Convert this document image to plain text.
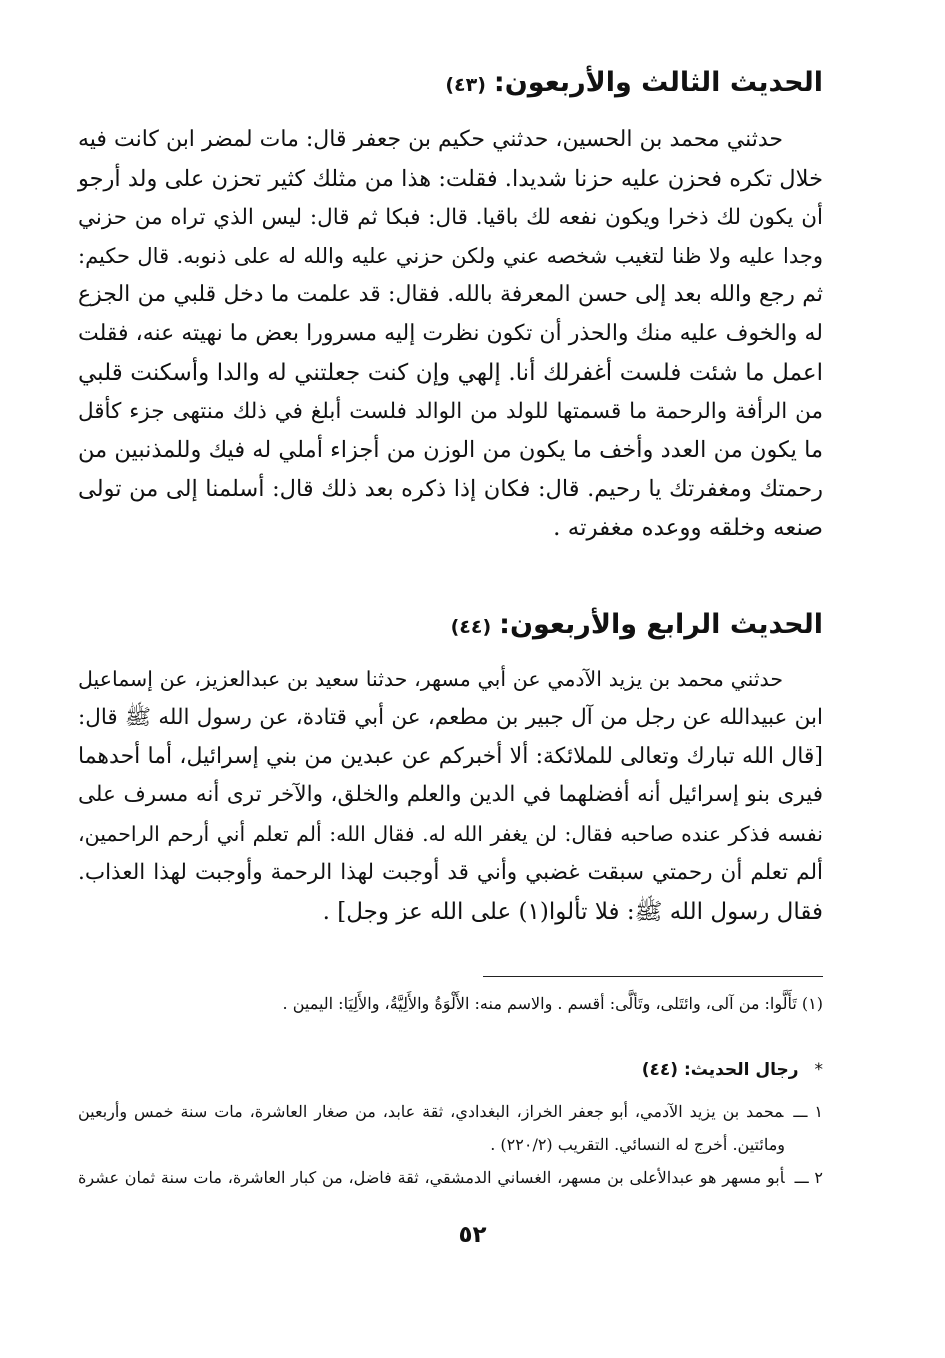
الحديث الثالث والأربعون:(٤٣)

حدثني محمد بن الحسين، حدثني حكيم بن جعفر قال: مات لمضر ابن كانت فيه

خلال تكره فحزن عليه حزنا شديدا. فقلت: هذا من مثلك كثير تحزن على ولد أرجو

أن يكون لك ذخرا ويكون نفعه لك باقيا. قال: فبكا ثم قال: ليس الذي تراه من حزني

وجدا عليه ولا ظنا لتغيب شخصه عني ولكن حزني عليه والله له على ذنوبه. قال حكيم:

ثم رجع والله بعد إلى حسن المعرفة بالله. فقال: قد علمت ما دخل قلبي من الجزع

له والخوف عليه منك والحذر أن تكون نظرت إليه مسرورا بعض ما نهيته عنه، فقلت

اعمل ما شئت فلست أغفرلك أنا. إلهي وإن كنت جعلتني له والدا وأسكنت قلبي

من الرأفة والرحمة ما قسمتها للولد من الوالد فلست أبلغ في ذلك منتهى جزء كأقل

ما يكون من العدد وأخف ما يكون من الوزن من أجزاء أملي له فيك وللمذنبين من

رحمتك ومغفرتك يا رحيم. قال: فكان إذا ذكره بعد ذلك قال: أسلمنا إلى من تولى

صنعه وخلقه ووعده مغفرته .

الحديث الرابع والأربعون:(٤٤)

حدثني محمد بن يزيد الآدمي عن أبي مسهر، حدثنا سعيد بن عبدالعزيز، عن إسماعيل

ابن عبيدالله عن رجل من آل جبير بن مطعم، عن أبي قتادة، عن رسول الله ﷺ قال:

[قال الله تبارك وتعالى للملائكة: ألا أخبركم عن عبدين من بني إسرائيل، أما أحدهما

فيرى بنو إسرائيل أنه أفضلهما في الدين والعلم والخلق، والآخر ترى أنه مسرف على

نفسه فذكر عنده صاحبه فقال: لن يغفر الله له. فقال الله: ألم تعلم أني أرحم الراحمين،

ألم تعلم أن رحمتي سبقت غضبي وأني قد أوجبت لهذا الرحمة وأوجبت لهذا العذاب.

فقال رسول الله ﷺ: فلا تألوا(١) على الله عز وجل] .

(١) تَأَلَّوا: من آلى، وائتَلى، وتَألَّى: أقسم . والاسم منه: الأَلْوَةُ والأَلِيَّةُ، والأَلِيَا: اليمين .
*رجال الحديث: (٤٤)

١ ـــمحمد بن يزيد الآدمي، أبو جعفر الخراز، البغدادي، ثقة عابد، من صغار العاشرة، مات سنة خمس وأربعين

ومائتين. أخرج له النسائي. التقريب (٢٢٠/٢) .

٢ ـــأبو مسهر هو عبدالأعلى بن مسهر، الغساني الدمشقي، ثقة فاضل، من كبار العاشرة، مات سنة ثمان عشرة

٥٢
